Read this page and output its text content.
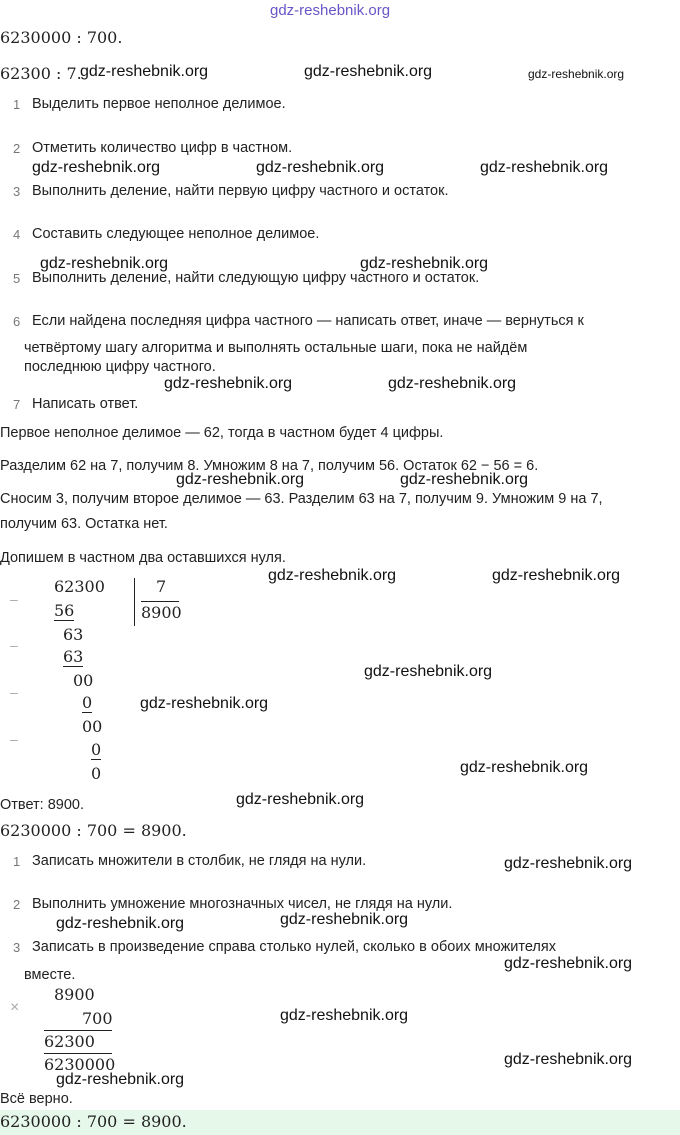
gdz-reshebnik.org
6230000 : 700.
62300 : 7.
1 Выделить первое неполное делимое.
2 Отметить количество цифр в частном.
3 Выполнить деление, найти первую цифру частного и остаток.
4 Составить следующее неполное делимое.
5 Выполнить деление, найти следующую цифру частного и остаток.
6 Если найдена последняя цифра частного — написать ответ, иначе — вернуться к
четвёртому шагу алгоритма и выполнять остальные шаги, пока не найдём
последнюю цифру частного.
7 Написать ответ.
Первое неполное делимое — 62, тогда в частном будет 4 цифры.
Разделим 62 на 7, получим 8. Умножим 8 на 7, получим 56. Остаток 62 − 56 = 6.
Сносим 3, получим второе делимое — 63. Разделим 63 на 7, получим 9. Умножим 9 на 7,
получим 63. Остатка нет.
Допишем в частном два оставшихся нуля.
–
–
–
–
62300	7
8900
56
63
63
00
0
00
0
0
Ответ: 8900.
6230000 : 700 = 8900.
1 Записать множители в столбик, не глядя на нули.
2 Выполнить умножение многозначных чисел, не глядя на нули.
3 Записать в произведение справа столько нулей, сколько в обоих множителях
вместе.
×
8900
700
62300
6230000
Всё верно.
6230000 : 700 = 8900.
gdz-reshebnik.org	gdz-reshebnik.org	gdz-reshebnik.org
gdz-reshebnik.org	gdz-reshebnik.org	gdz-reshebnik.org
gdz-reshebnik.org	gdz-reshebnik.org
gdz-reshebnik.org	gdz-reshebnik.org
gdz-reshebnik.org	gdz-reshebnik.org
gdz-reshebnik.org	gdz-reshebnik.org
gdz-reshebnik.org
gdz-reshebnik.org
gdz-reshebnik.org
gdz-reshebnik.org
gdz-reshebnik.org
gdz-reshebnik.org	gdz-reshebnik.org
gdz-reshebnik.org
gdz-reshebnik.org
gdz-reshebnik.org
gdz-reshebnik.org
